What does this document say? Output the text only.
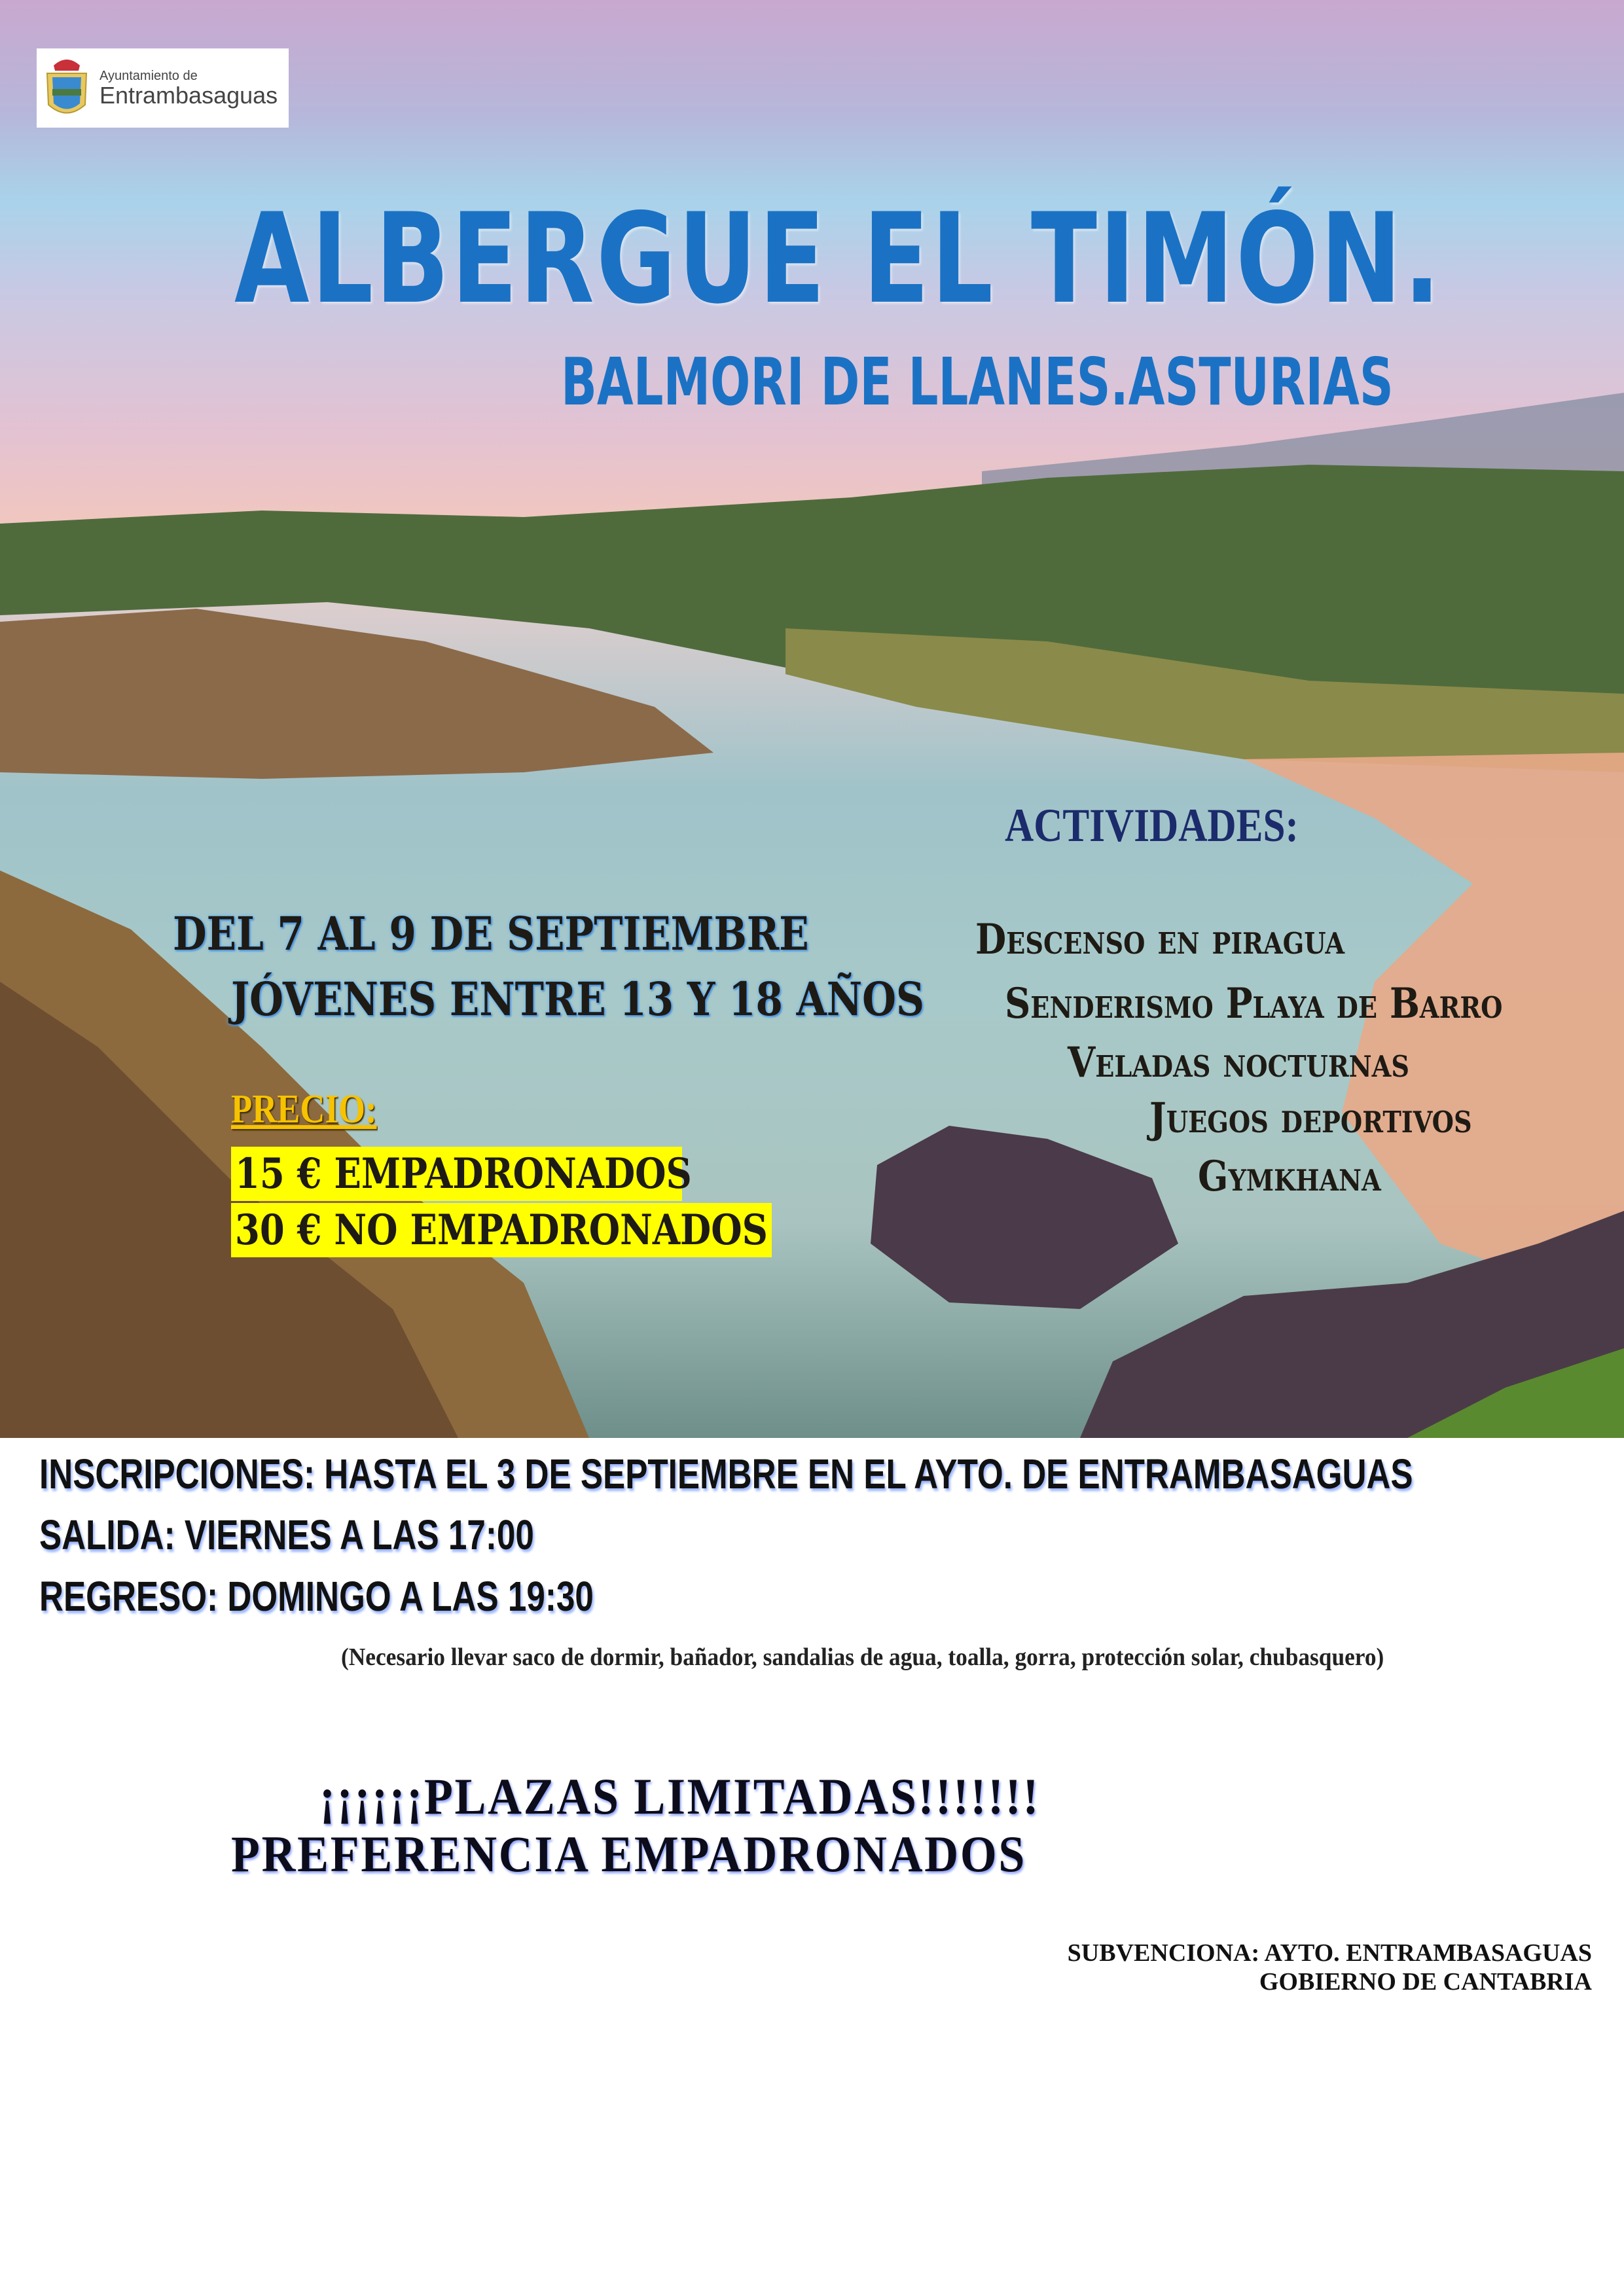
Ayuntamiento de
Entrambasaguas
ALBERGUE EL TIMÓN.
BALMORI DE LLANES.ASTURIAS
ACTIVIDADES:
DEL 7 AL 9 DE SEPTIEMBRE
JÓVENES ENTRE 13 Y 18 AÑOS
Descenso en piragua
Senderismo Playa de Barro
Veladas nocturnas
Juegos deportivos
Gymkhana
PRECIO:
15 € EMPADRONADOS
30 € NO EMPADRONADOS
INSCRIPCIONES: HASTA EL 3 DE SEPTIEMBRE EN EL AYTO. DE ENTRAMBASAGUAS
SALIDA: VIERNES A LAS 17:00
REGRESO: DOMINGO A LAS 19:30
(Necesario llevar saco de dormir, bañador, sandalias de agua, toalla, gorra, protección solar, chubasquero)
¡¡¡¡¡¡PLAZAS LIMITADAS!!!!!!!
PREFERENCIA EMPADRONADOS
SUBVENCIONA: AYTO. ENTRAMBASAGUAS
GOBIERNO DE CANTABRIA
